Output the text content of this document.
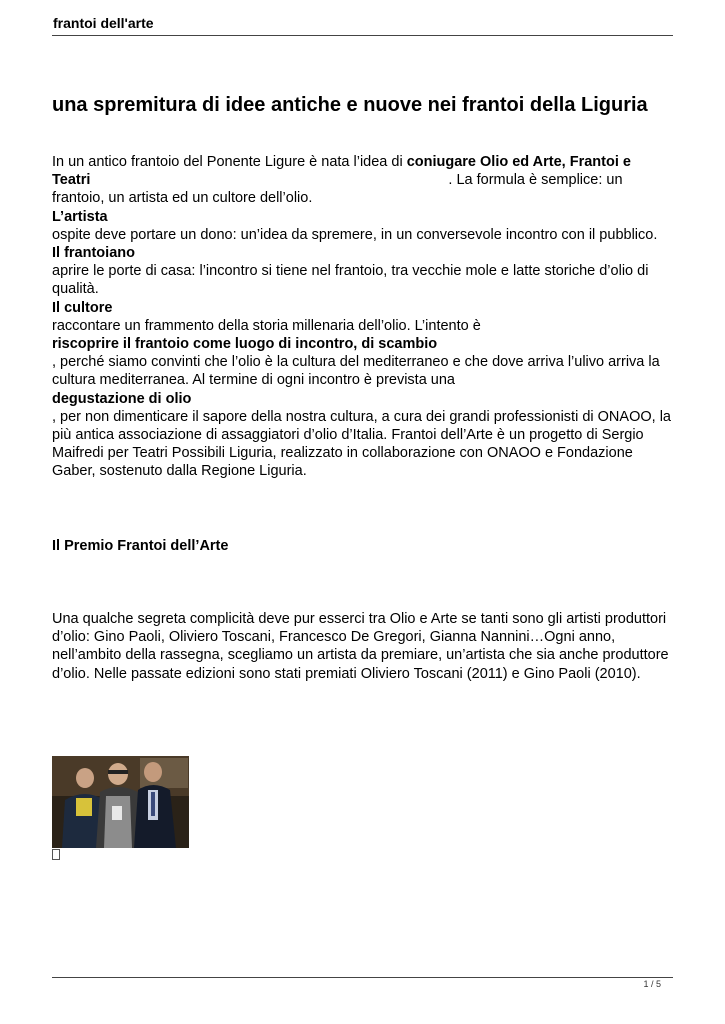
frantoi dell'arte
una spremitura di idee antiche e nuove nei frantoi della Liguria

In un antico frantoio del Ponente Ligure è nata l’idea di coniugare Olio ed Arte, Frantoi e Teatri	. La formula è semplice: un frantoio, un artista ed un cultore dell’olio.

L’artista

ospite deve portare un dono: un’idea da spremere, in un conversevole incontro con il pubblico.

Il frantoiano

aprire le porte di casa: l’incontro si tiene nel frantoio, tra vecchie mole e latte storiche d’olio di qualità.

Il cultore

raccontare un frammento della storia millenaria dell’olio. L’intento è

riscoprire il frantoio come luogo di incontro, di scambio

, perché siamo convinti che l’olio è la cultura del mediterraneo e che dove arriva l’ulivo arriva la cultura mediterranea. Al termine di ogni incontro è prevista una

degustazione di olio

, per non dimenticare il sapore della nostra cultura, a cura dei grandi professionisti di ONAOO, la più antica associazione di assaggiatori d’olio d’Italia. Frantoi dell’Arte è un progetto di Sergio Maifredi per Teatri Possibili Liguria, realizzato in collaborazione con ONAOO e Fondazione Gaber, sostenuto dalla Regione Liguria.

Il Premio Frantoi dell’Arte

Una qualche segreta complicità deve pur esserci tra Olio e Arte se tanti sono gli artisti produttori d’olio: Gino Paoli, Oliviero Toscani, Francesco De Gregori, Gianna Nannini…Ogni anno, nell’ambito della rassegna, scegliamo un artista da premiare, un’artista che sia anche produttore d’olio. Nelle passate edizioni sono stati premiati Oliviero Toscani (2011) e Gino Paoli (2010).

1 / 5
